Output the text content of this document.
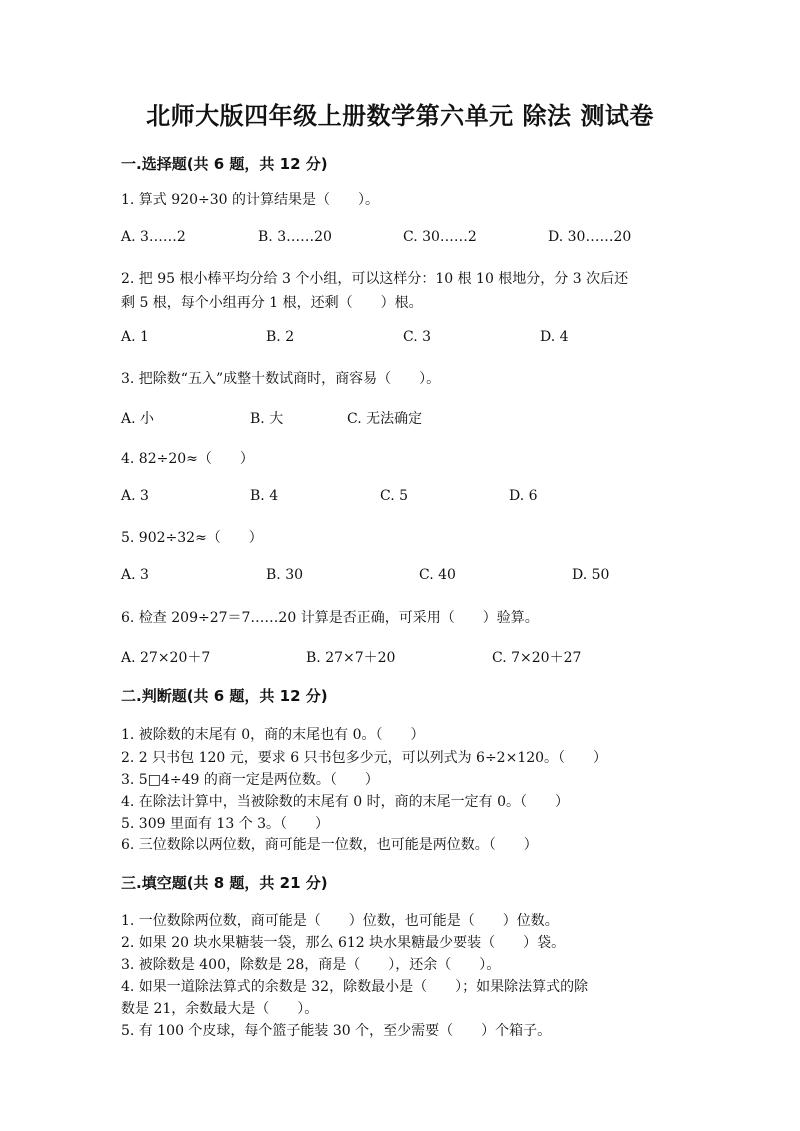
北师大版四年级上册数学第六单元 除法 测试卷
一.选择题(共 6 题，共 12 分)
1. 算式 920÷30 的计算结果是（　　）。
A. 3……2	B. 3……20	C. 30……2	D. 30……20
2. 把 95 根小棒平均分给 3 个小组，可以这样分：10 根 10 根地分，分 3 次后还
剩 5 根，每个小组再分 1 根，还剩（　　）根。
A. 1	B. 2	C. 3	D. 4
3. 把除数“五入”成整十数试商时，商容易（　　）。
A. 小	B. 大	C. 无法确定
4. 82÷20≈（　　）
A. 3	B. 4	C. 5	D. 6
5. 902÷32≈（　　）
A. 3	B. 30	C. 40	D. 50
6. 检查 209÷27＝7……20 计算是否正确，可采用（　　）验算。
A. 27×20＋7	B. 27×7＋20	C. 7×20＋27
二.判断题(共 6 题，共 12 分)
1. 被除数的末尾有 0，商的末尾也有 0。（　　）
2. 2 只书包 120 元，要求 6 只书包多少元，可以列式为 6÷2×120。（　　）
3. 5□4÷49 的商一定是两位数。（　　）
4. 在除法计算中，当被除数的末尾有 0 时，商的末尾一定有 0。（　　）
5. 309 里面有 13 个 3。（　　）
6. 三位数除以两位数，商可能是一位数，也可能是两位数。（　　）
三.填空题(共 8 题，共 21 分)
1. 一位数除两位数，商可能是（　　）位数，也可能是（　　）位数。
2. 如果 20 块水果糖装一袋，那么 612 块水果糖最少要装（　　）袋。
3. 被除数是 400，除数是 28，商是（　　），还余（　　）。
4. 如果一道除法算式的余数是 32，除数最小是（　　）；如果除法算式的除
数是 21，余数最大是（　　）。
5. 有 100 个皮球，每个篮子能装 30 个，至少需要（　　）个箱子。
